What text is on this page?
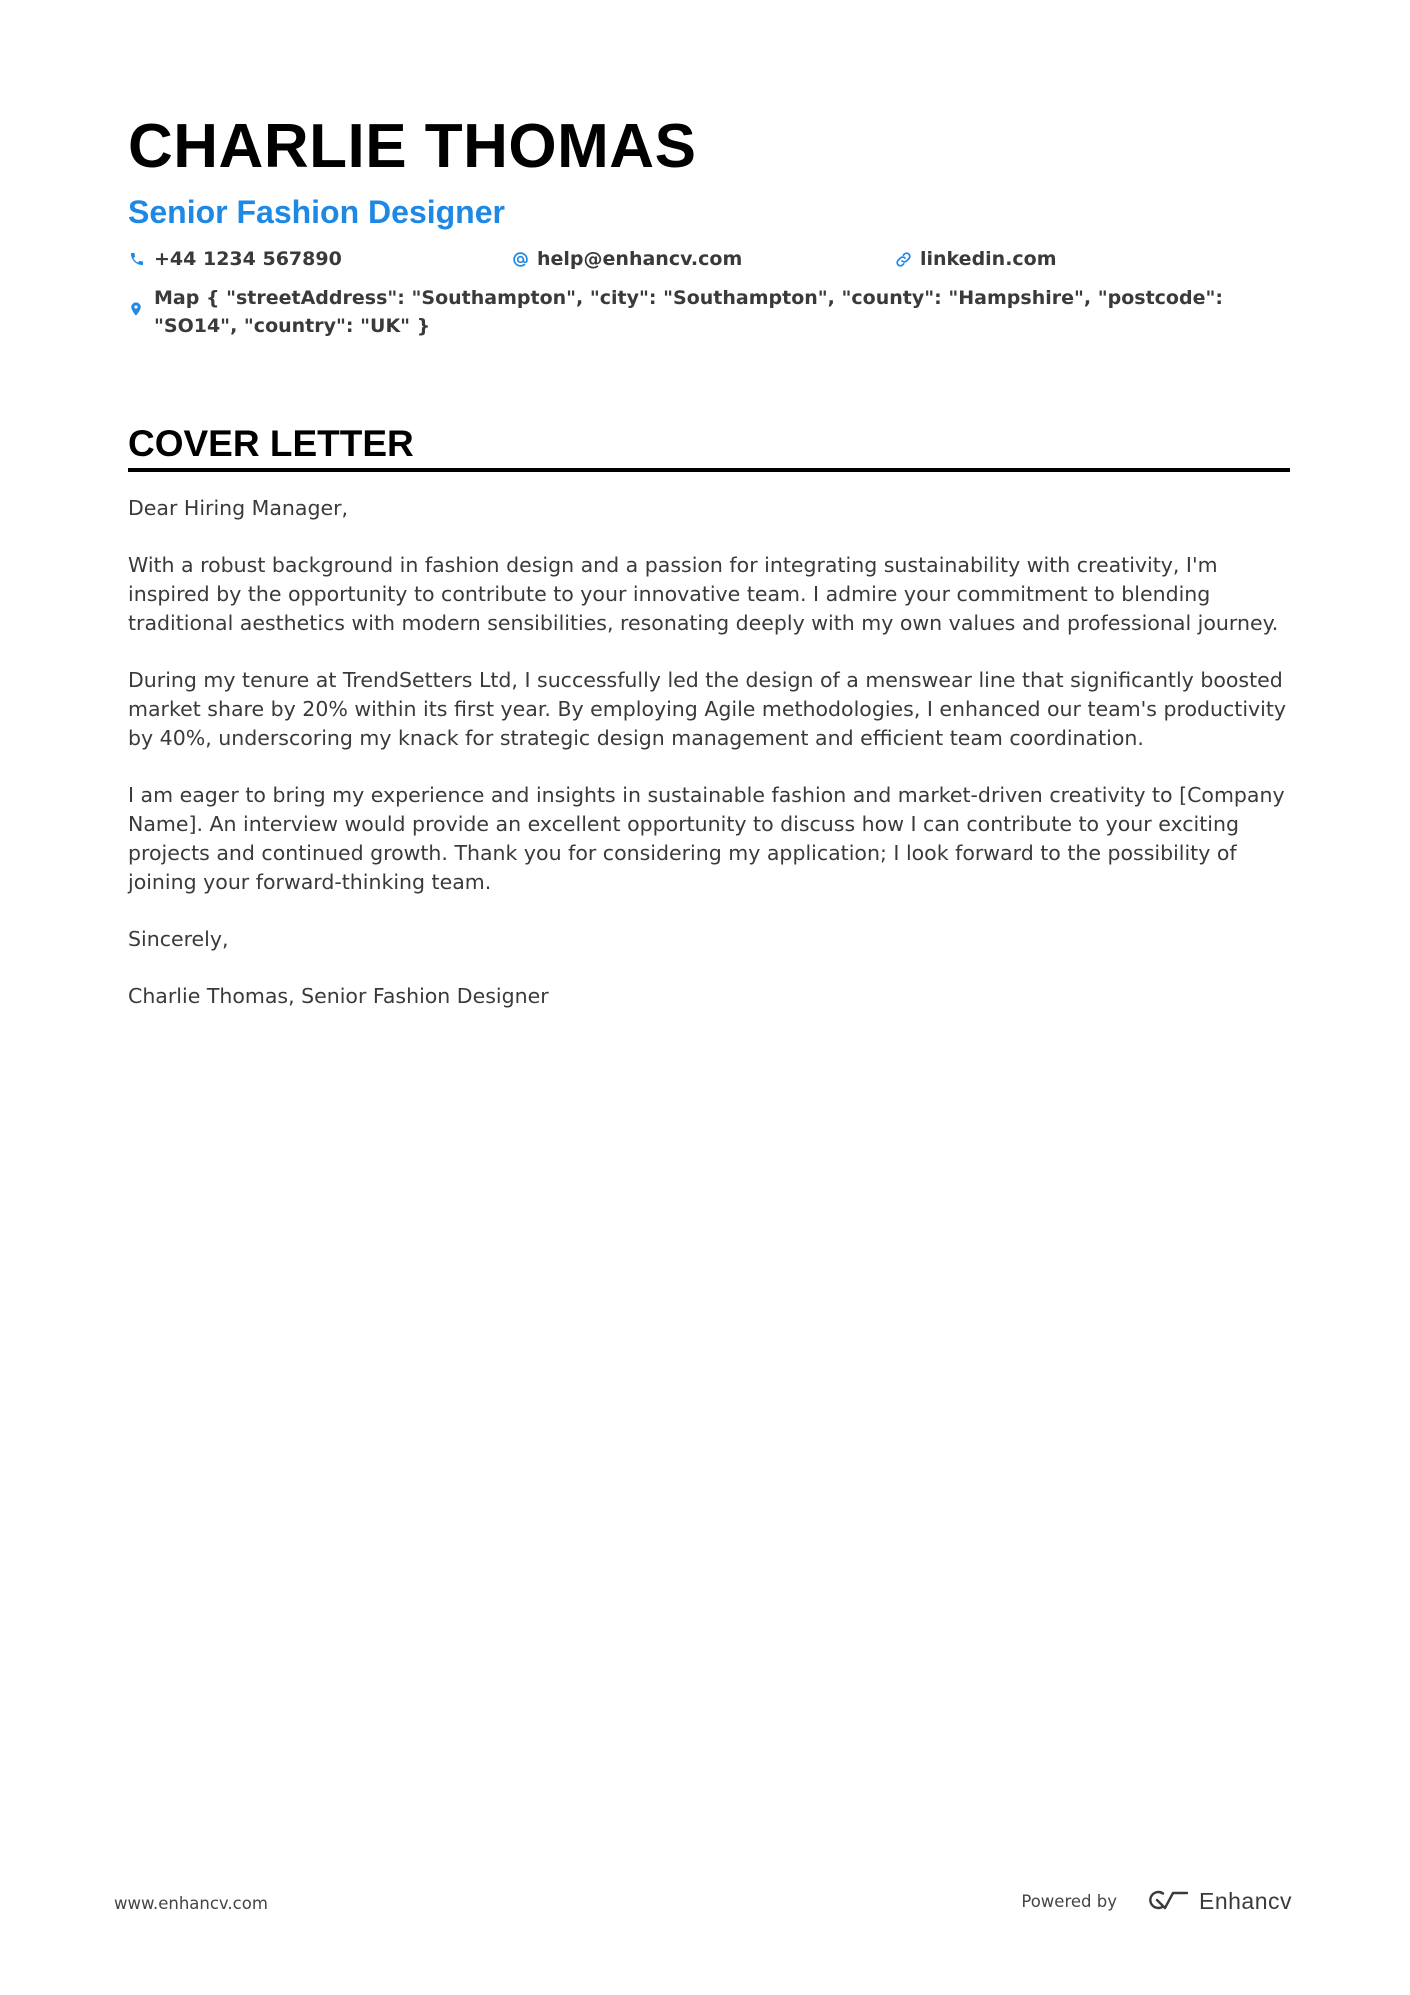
CHARLIE THOMAS
Senior Fashion Designer
+44 1234 567890	help@enhancv.com	linkedin.com
Map { "streetAddress": "Southampton", "city": "Southampton", "county": "Hampshire", "postcode": "SO14", "country": "UK" }
COVER LETTER

Dear Hiring Manager,

With a robust background in fashion design and a passion for integrating sustainability with creativity, I'm inspired by the opportunity to contribute to your innovative team. I admire your commitment to blending traditional aesthetics with modern sensibilities, resonating deeply with my own values and professional journey.

During my tenure at TrendSetters Ltd, I successfully led the design of a menswear line that significantly boosted market share by 20% within its first year. By employing Agile methodologies, I enhanced our team's productivity by 40%, underscoring my knack for strategic design management and efficient team coordination.

I am eager to bring my experience and insights in sustainable fashion and market-driven creativity to [Company Name]. An interview would provide an excellent opportunity to discuss how I can contribute to your exciting projects and continued growth. Thank you for considering my application; I look forward to the possibility of joining your forward-thinking team.

Sincerely,

Charlie Thomas, Senior Fashion Designer

www.enhancv.com	Powered by	Enhancv
